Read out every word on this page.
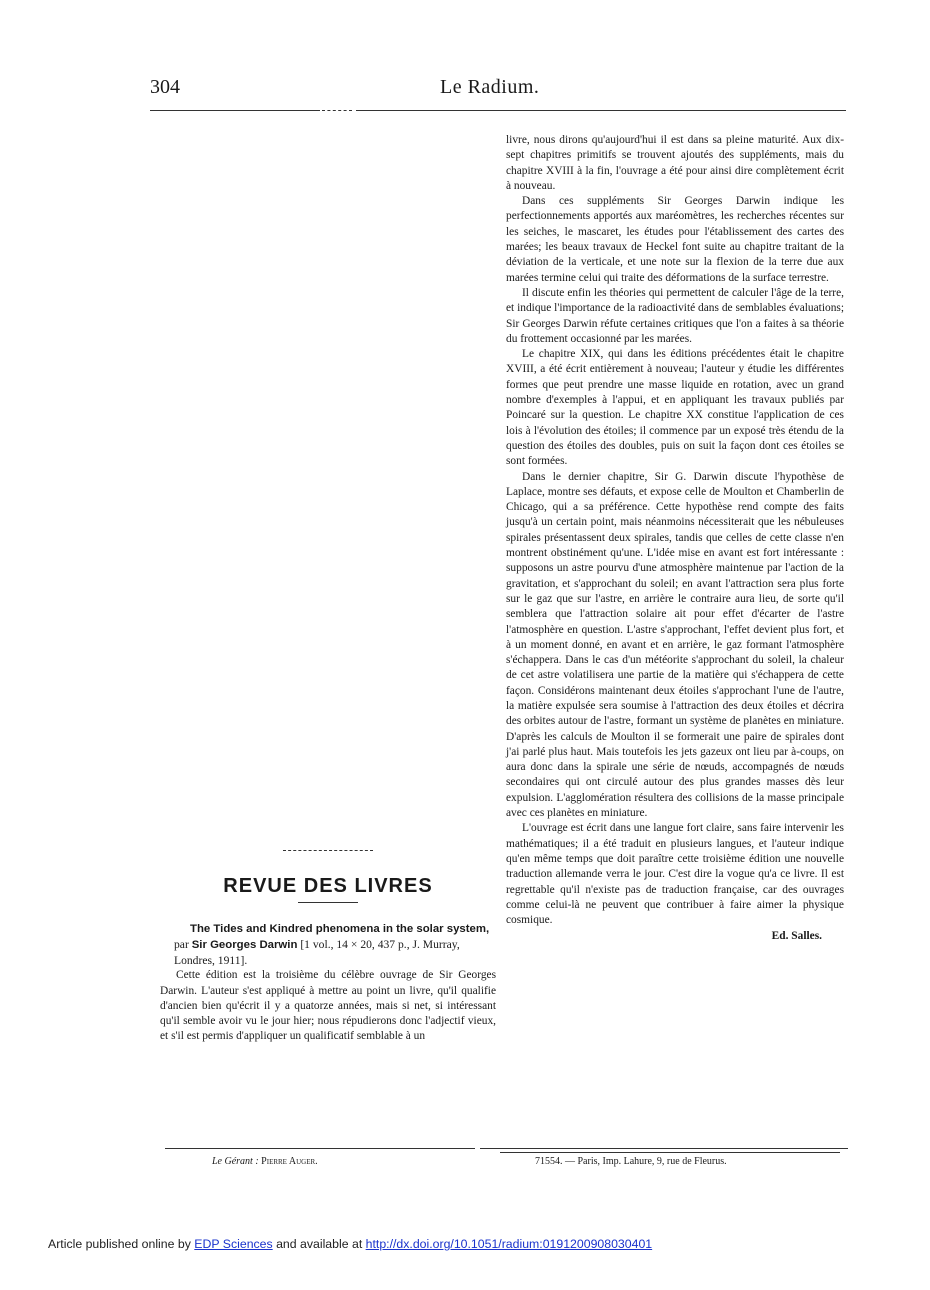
304	Le Radium.

livre, nous dirons qu'aujourd'hui il est dans sa pleine maturité. Aux dix-sept chapitres primitifs se trouvent ajoutés des suppléments, mais du chapitre XVIII à la fin, l'ouvrage a été pour ainsi dire complètement écrit à nouveau.

Dans ces suppléments Sir Georges Darwin indique les perfectionnements apportés aux maréomètres, les recherches récentes sur les seiches, le mascaret, les études pour l'établissement des cartes des marées; les beaux travaux de Heckel font suite au chapitre traitant de la déviation de la verticale, et une note sur la flexion de la terre due aux marées termine celui qui traite des déformations de la surface terrestre.

Il discute enfin les théories qui permettent de calculer l'âge de la terre, et indique l'importance de la radioactivité dans de semblables évaluations; Sir Georges Darwin réfute certaines critiques que l'on a faites à sa théorie du frottement occasionné par les marées.

Le chapitre XIX, qui dans les éditions précédentes était le chapitre XVIII, a été écrit entièrement à nouveau; l'auteur y étudie les différentes formes que peut prendre une masse liquide en rotation, avec un grand nombre d'exemples à l'appui, et en appliquant les travaux publiés par Poincaré sur la question. Le chapitre XX constitue l'application de ces lois à l'évolution des étoiles; il commence par un exposé très étendu de la question des étoiles des doubles, puis on suit la façon dont ces étoiles se sont formées.

Dans le dernier chapitre, Sir G. Darwin discute l'hypothèse de Laplace, montre ses défauts, et expose celle de Moulton et Chamberlin de Chicago, qui a sa préférence. Cette hypothèse rend compte des faits jusqu'à un certain point, mais néanmoins nécessiterait que les nébuleuses spirales présentassent deux spirales, tandis que celles de cette classe n'en montrent obstinément qu'une. L'idée mise en avant est fort intéressante : supposons un astre pourvu d'une atmosphère maintenue par l'action de la gravitation, et s'approchant du soleil; en avant l'attraction sera plus forte sur le gaz que sur l'astre, en arrière le contraire aura lieu, de sorte qu'il semblera que l'attraction solaire ait pour effet d'écarter de l'astre l'atmosphère en question. L'astre s'approchant, l'effet devient plus fort, et à un moment donné, en avant et en arrière, le gaz formant l'atmosphère s'échappera. Dans le cas d'un météorite s'approchant du soleil, la chaleur de cet astre volatilisera une partie de la matière qui s'échappera de cette façon. Considérons maintenant deux étoiles s'approchant l'une de l'autre, la matière expulsée sera soumise à l'attraction des deux étoiles et décrira des orbites autour de l'astre, formant un système de planètes en miniature. D'après les calculs de Moulton il se formerait une paire de spirales dont j'ai parlé plus haut. Mais toutefois les jets gazeux ont lieu par à-coups, on aura donc dans la spirale une série de nœuds, accompagnés de nœuds secondaires qui ont circulé autour des plus grandes masses dès leur expulsion. L'agglomération résultera des collisions de la masse principale avec ces planètes en miniature.

L'ouvrage est écrit dans une langue fort claire, sans faire intervenir les mathématiques; il a été traduit en plusieurs langues, et l'auteur indique qu'en même temps que doit paraître cette troisième édition une nouvelle traduction allemande verra le jour. C'est dire la vogue qu'a ce livre. Il est regrettable qu'il n'existe pas de traduction française, car des ouvrages comme celui-là ne peuvent que contribuer à faire aimer la physique cosmique.

Ed. Salles.
REVUE DES LIVRES

The Tides and Kindred phenomena in the solar system, par Sir Georges Darwin [1 vol., 14 × 20, 437 p., J. Murray, Londres, 1911].

Cette édition est la troisième du célèbre ouvrage de Sir Georges Darwin. L'auteur s'est appliqué à mettre au point un livre, qu'il qualifie d'ancien bien qu'écrit il y a quatorze années, mais si net, si intéressant qu'il semble avoir vu le jour hier; nous répudierons donc l'adjectif vieux, et s'il est permis d'appliquer un qualificatif semblable à un

Le Gérant : Pierre Auger.	71554. — Paris, Imp. Lahure, 9, rue de Fleurus.
Article published online by EDP Sciences and available at http://dx.doi.org/10.1051/radium:0191200908030401
